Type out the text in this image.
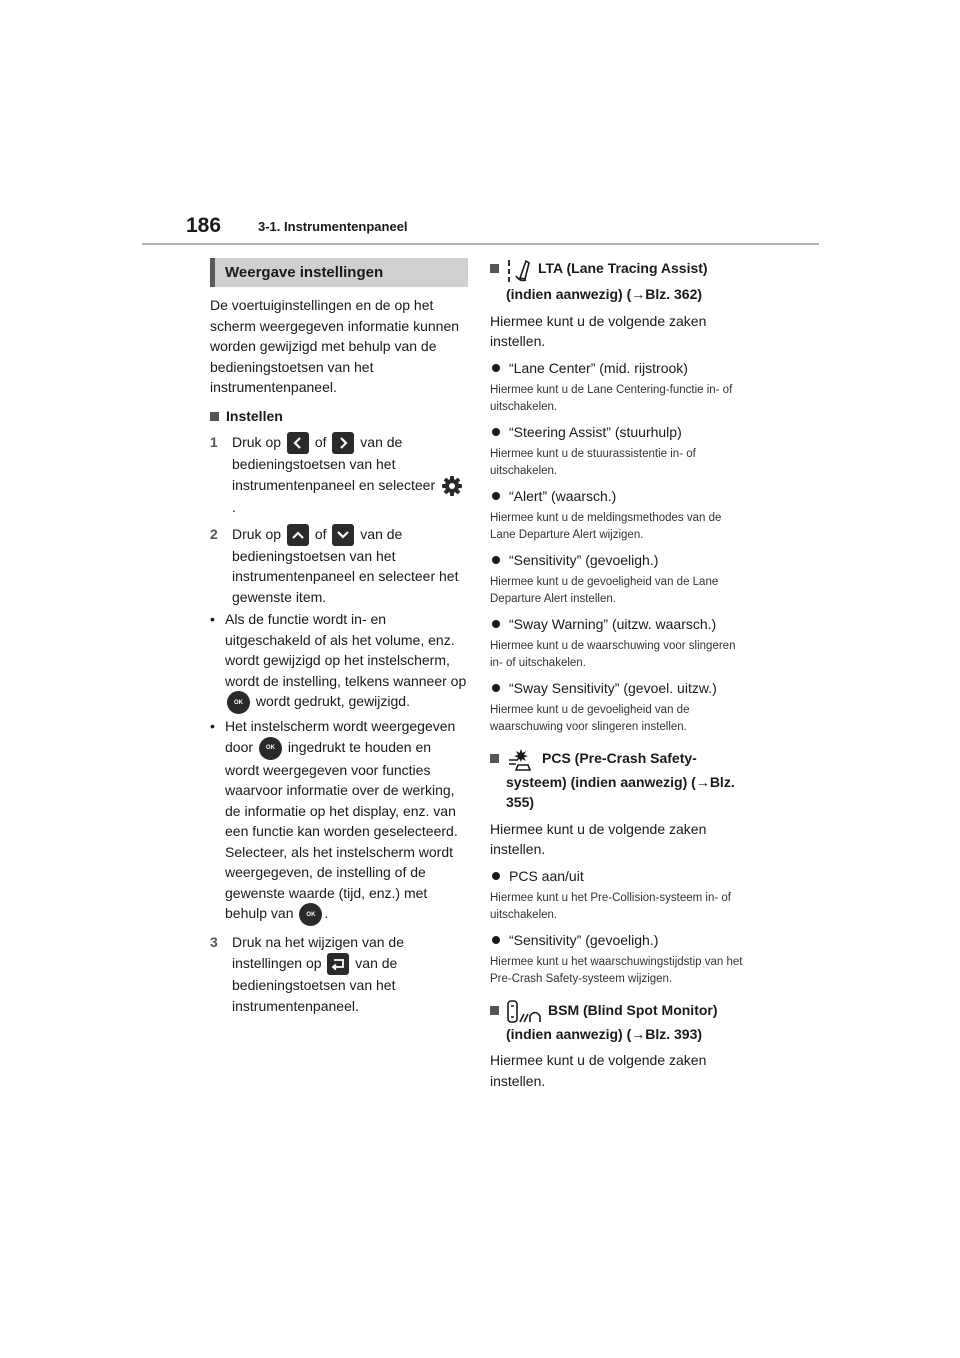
186	3-1. Instrumentenpaneel
Weergave instellingen

De voertuiginstellingen en de op het scherm weergegeven informatie kunnen worden gewijzigd met behulp van de bedieningstoetsen van het instrumentenpaneel.

Instellen
1	Druk op of van de bedieningstoetsen van het instrumentenpaneel en selecteer .
2	Druk op of van de bedieningstoetsen van het instrumentenpaneel en selecteer het gewenste item.
• Als de functie wordt in- en uitgeschakeld of als het volume, enz. wordt gewijzigd op het instelscherm, wordt de instelling, telkens wanneer op OK wordt gedrukt, gewijzigd.
• Het instelscherm wordt weergegeven door OK ingedrukt te houden en wordt weergegeven voor functies waarvoor informatie over de werking, de informatie op het display, enz. van een functie kan worden geselecteerd. Selecteer, als het instelscherm wordt weergegeven, de instelling of de gewenste waarde (tijd, enz.) met behulp van OK .
3	Druk na het wijzigen van de instellingen op van de bedieningstoetsen van het instrumentenpaneel.
LTA (Lane Tracing Assist) (indien aanwezig) (→Blz. 362)

Hiermee kunt u de volgende zaken instellen.

“Lane Center” (mid. rijstrook)

Hiermee kunt u de Lane Centering-functie in- of uitschakelen.

“Steering Assist” (stuurhulp)

Hiermee kunt u de stuurassistentie in- of uitschakelen.

“Alert” (waarsch.)

Hiermee kunt u de meldingsmethodes van de Lane Departure Alert wijzigen.

“Sensitivity” (gevoeligh.)

Hiermee kunt u de gevoeligheid van de Lane Departure Alert instellen.

“Sway Warning” (uitzw. waarsch.)

Hiermee kunt u de waarschuwing voor slingeren in- of uitschakelen.

“Sway Sensitivity” (gevoel. uitzw.)

Hiermee kunt u de gevoeligheid van de waarschuwing voor slingeren instellen.

PCS (Pre-Crash Safety-systeem) (indien aanwezig) (→Blz. 355)

Hiermee kunt u de volgende zaken instellen.

PCS aan/uit

Hiermee kunt u het Pre-Collision-systeem in- of uitschakelen.

“Sensitivity” (gevoeligh.)

Hiermee kunt u het waarschuwingstijdstip van het Pre-Crash Safety-systeem wijzigen.

BSM (Blind Spot Monitor) (indien aanwezig) (→Blz. 393)

Hiermee kunt u de volgende zaken instellen.
